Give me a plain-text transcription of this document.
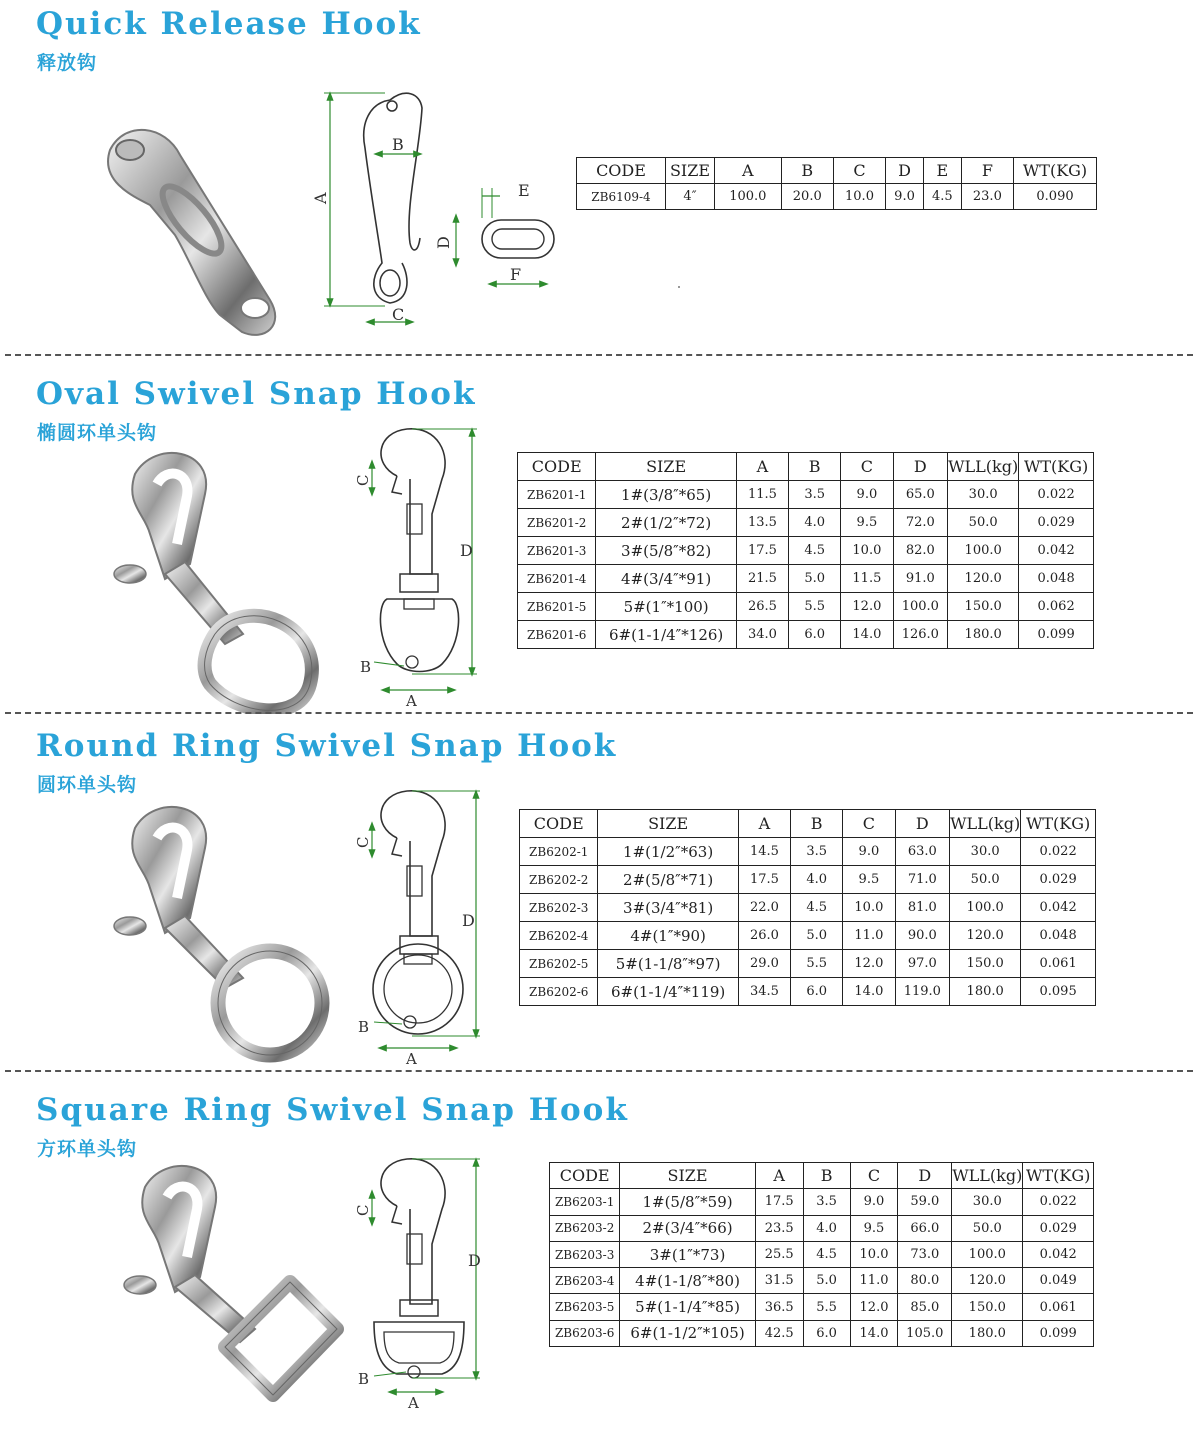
Quick Release Hook
释放钩
A
B
C
E
D
F
CODE	SIZE	A	B	C	D	E	F	WT(KG)
ZB6109-4	4″	100.0	20.0	10.0	9.0	4.5	23.0	0.090
Oval Swivel Snap Hook
椭圆环单头钩
D
C
A
B
CODE	SIZE	A	B	C	D	WLL(kg)	WT(KG)
ZB6201-1	1#(3/8″*65)	11.5	3.5	9.0	65.0	30.0	0.022
ZB6201-2	2#(1/2″*72)	13.5	4.0	9.5	72.0	50.0	0.029
ZB6201-3	3#(5/8″*82)	17.5	4.5	10.0	82.0	100.0	0.042
ZB6201-4	4#(3/4″*91)	21.5	5.0	11.5	91.0	120.0	0.048
ZB6201-5	5#(1″*100)	26.5	5.5	12.0	100.0	150.0	0.062
ZB6201-6	6#(1-1/4″*126)	34.0	6.0	14.0	126.0	180.0	0.099
Round Ring Swivel Snap Hook
圆环单头钩
D
C
A
B
CODE	SIZE	A	B	C	D	WLL(kg)	WT(KG)
ZB6202-1	1#(1/2″*63)	14.5	3.5	9.0	63.0	30.0	0.022
ZB6202-2	2#(5/8″*71)	17.5	4.0	9.5	71.0	50.0	0.029
ZB6202-3	3#(3/4″*81)	22.0	4.5	10.0	81.0	100.0	0.042
ZB6202-4	4#(1″*90)	26.0	5.0	11.0	90.0	120.0	0.048
ZB6202-5	5#(1-1/8″*97)	29.0	5.5	12.0	97.0	150.0	0.061
ZB6202-6	6#(1-1/4″*119)	34.5	6.0	14.0	119.0	180.0	0.095
Square Ring Swivel Snap Hook
方环单头钩
D
C
A
B
CODE	SIZE	A	B	C	D	WLL(kg)	WT(KG)
ZB6203-1	1#(5/8″*59)	17.5	3.5	9.0	59.0	30.0	0.022
ZB6203-2	2#(3/4″*66)	23.5	4.0	9.5	66.0	50.0	0.029
ZB6203-3	3#(1″*73)	25.5	4.5	10.0	73.0	100.0	0.042
ZB6203-4	4#(1-1/8″*80)	31.5	5.0	11.0	80.0	120.0	0.049
ZB6203-5	5#(1-1/4″*85)	36.5	5.5	12.0	85.0	150.0	0.061
ZB6203-6	6#(1-1/2″*105)	42.5	6.0	14.0	105.0	180.0	0.099
